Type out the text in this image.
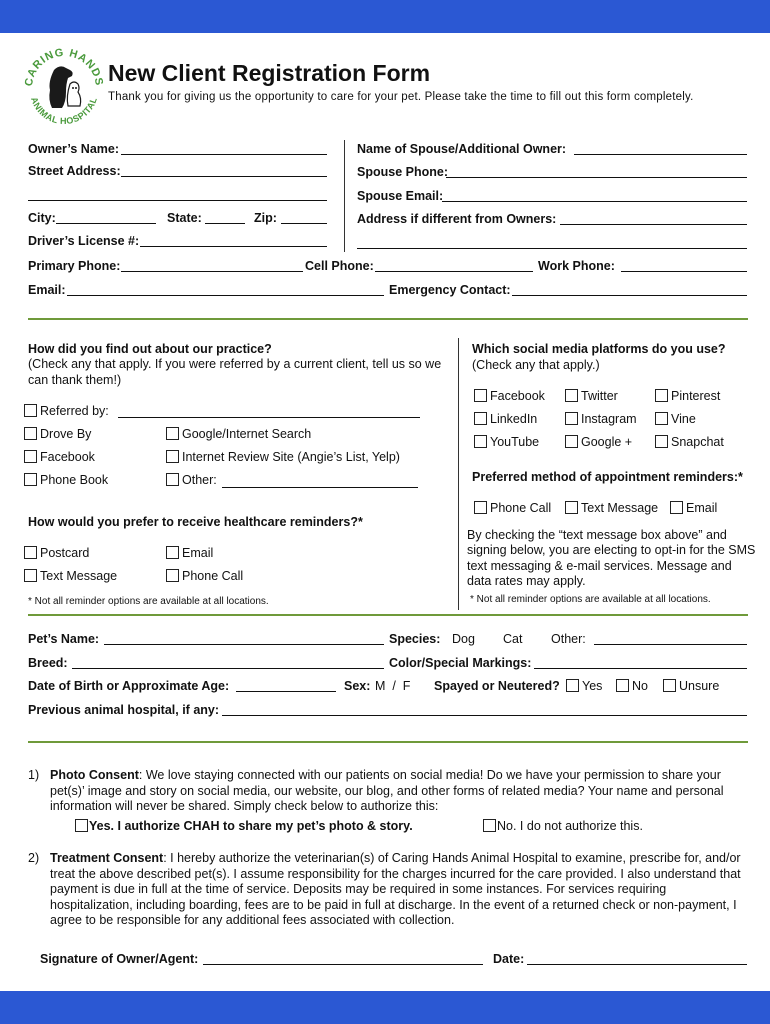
CARING HANDS
ANIMAL HOSPITAL
New Client Registration Form
Thank you for giving us the opportunity to care for your pet. Please take the time to fill out this form completely.
Owner’s Name:
Street Address:
City:	State:	Zip:
Driver’s License #:
Name of Spouse/Additional Owner:
Spouse Phone:
Spouse Email:
Address if different from Owners:
Primary Phone:	Cell Phone:	Work Phone:
Email:	Emergency Contact:
How did you find out about our practice?
(Check any that apply. If you were referred by a current client, tell us so we can thank them!)
Referred by:
Drove By	Google/Internet Search
Facebook	Internet Review Site (Angie’s List, Yelp)
Phone Book	Other:
How would you prefer to receive healthcare reminders?*
Postcard	Email
Text Message	Phone Call
* Not all reminder options are available at all locations.
Which social media platforms do you use?
(Check any that apply.)
Facebook	Twitter	Pinterest
LinkedIn	Instagram	Vine
YouTube	Google +	Snapchat
Preferred method of appointment reminders:*
Phone Call	Text Message	Email
By checking the “text message box above” and signing below, you are electing to opt-in for the SMS text messaging & e-mail services. Message and data rates may apply.
* Not all reminder options are available at all locations.
Pet’s Name:	Species: Dog Cat Other:
Breed:	Color/Special Markings:
Date of Birth or Approximate Age:	Sex: M  /  F Spayed or Neutered?	Yes	No	Unsure
Previous animal hospital, if any:
1) Photo Consent: We love staying connected with our patients on social media! Do we have your permission to share your pet(s)’ image and story on social media, our website, our blog, and other forms of related media? Your name and personal information will never be shared. Simply check below to authorize this:
Yes. I authorize CHAH to share my pet’s photo & story.	No. I do not authorize this.
2) Treatment Consent: I hereby authorize the veterinarian(s) of Caring Hands Animal Hospital to examine, prescribe for, and/or treat the above described pet(s). I assume responsibility for the charges incurred for the care provided. I also understand that payment is due in full at the time of service. Deposits may be required in some instances. For services requiring hospitalization, including boarding, fees are to be paid in full at discharge. In the event of a returned check or non-payment, I agree to be responsible for any additional fees associated with collection.
Signature of Owner/Agent:	Date:
